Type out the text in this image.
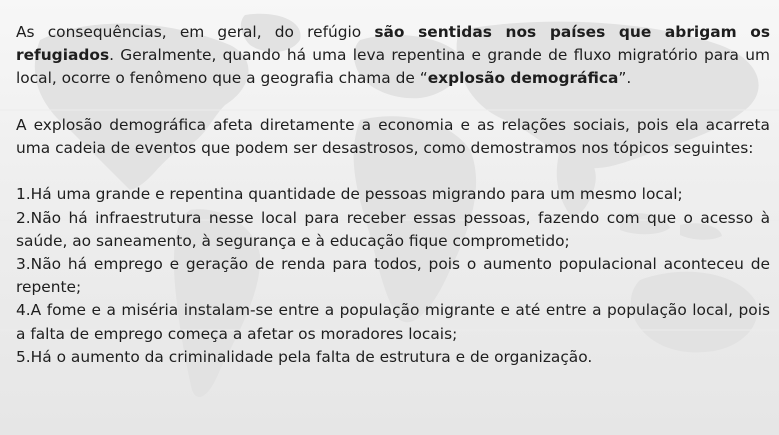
As consequências, em geral, do refúgio são sentidas nos países que abrigam os refugiados. Geralmente, quando há uma leva repentina e grande de fluxo migratório para um local, ocorre o fenômeno que a geografia chama de “explosão demográfica”.

A explosão demográfica afeta diretamente a economia e as relações sociais, pois ela acarreta uma cadeia de eventos que podem ser desastrosos, como demostramos nos tópicos seguintes:

1.Há uma grande e repentina quantidade de pessoas migrando para um mesmo local;

2.Não há infraestrutura nesse local para receber essas pessoas, fazendo com que o acesso à saúde, ao saneamento, à segurança e à educação fique comprometido;

3.Não há emprego e geração de renda para todos, pois o aumento populacional aconteceu de repente;

4.A fome e a miséria instalam-se entre a população migrante e até entre a população local, pois a falta de emprego começa a afetar os moradores locais;

5.Há o aumento da criminalidade pela falta de estrutura e de organização.
